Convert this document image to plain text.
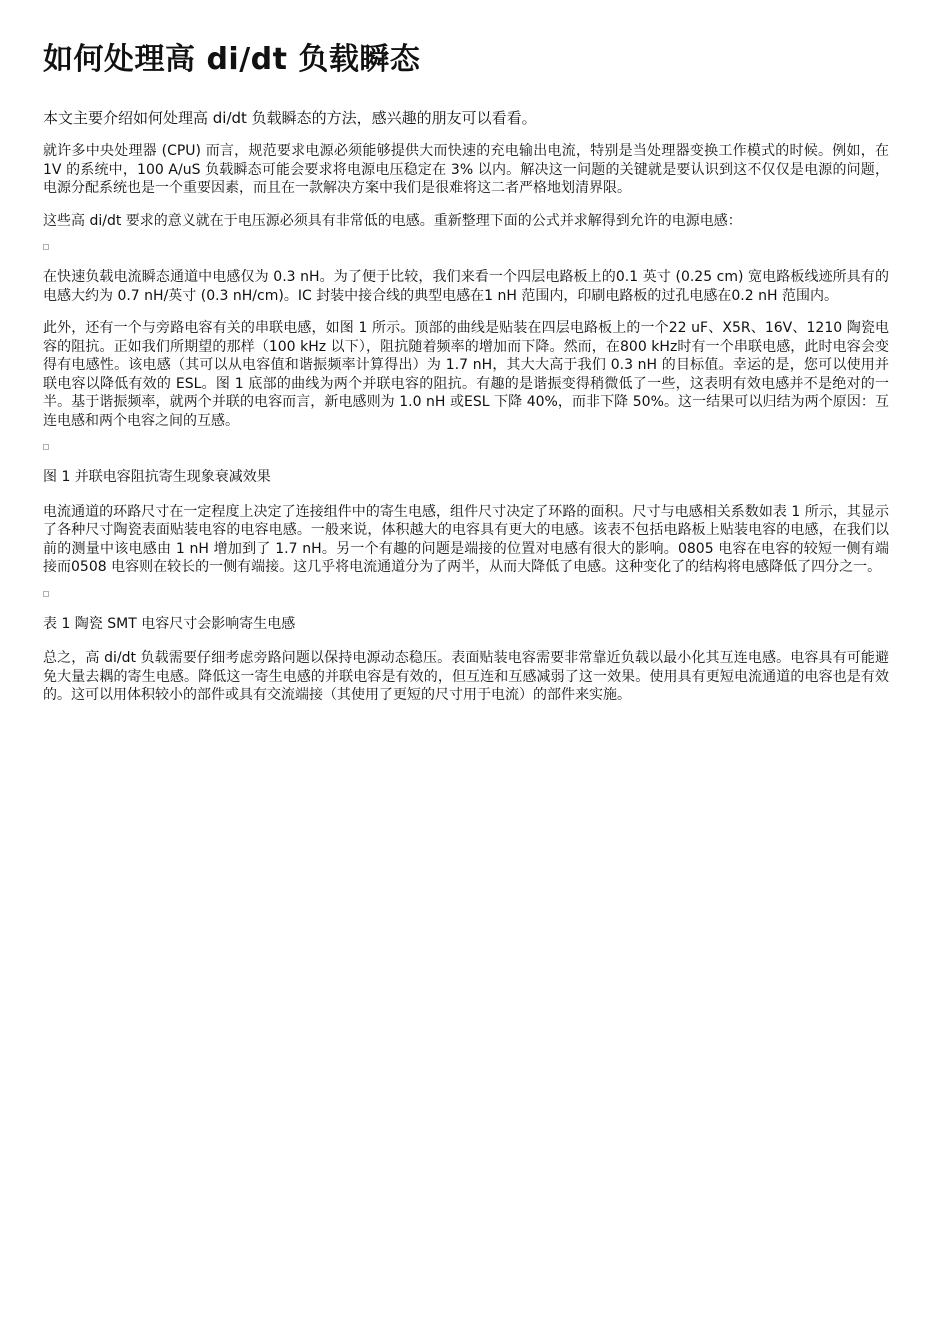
如何处理高 di/dt 负载瞬态
本文主要介绍如何处理高 di/dt 负载瞬态的方法，感兴趣的朋友可以看看。

就许多中央处理器 (CPU) 而言，规范要求电源必须能够提供大而快速的充电输出电流，特别是当处理器变换工作模式的时候。例如，在 1V 的系统中，100 A/uS 负载瞬态可能会要求将电源电压稳定在 3% 以内。解决这一问题的关键就是要认识到这不仅仅是电源的问题，电源分配系统也是一个重要因素，而且在一款解决方案中我们是很难将这二者严格地划清界限。

这些高 di/dt 要求的意义就在于电压源必须具有非常低的电感。重新整理下面的公式并求解得到允许的电源电感：

在快速负载电流瞬态通道中电感仅为 0.3 nH。为了便于比较，我们来看一个四层电路板上的0.1 英寸 (0.25 cm) 宽电路板线迹所具有的电感大约为 0.7 nH/英寸 (0.3 nH/cm)。IC 封装中接合线的典型电感在1 nH 范围内，印刷电路板的过孔电感在0.2 nH 范围内。

此外，还有一个与旁路电容有关的串联电感，如图 1 所示。顶部的曲线是贴装在四层电路板上的一个22 uF、X5R、16V、1210 陶瓷电容的阻抗。正如我们所期望的那样（100 kHz 以下），阻抗随着频率的增加而下降。然而，在800 kHz时有一个串联电感，此时电容会变得有电感性。该电感（其可以从电容值和谐振频率计算得出）为 1.7 nH，其大大高于我们 0.3 nH 的目标值。幸运的是，您可以使用并联电容以降低有效的 ESL。图 1 底部的曲线为两个并联电容的阻抗。有趣的是谐振变得稍微低了一些，这表明有效电感并不是绝对的一半。基于谐振频率，就两个并联的电容而言，新电感则为 1.0 nH 或ESL 下降 40%，而非下降 50%。这一结果可以归结为两个原因：互连电感和两个电容之间的互感。

图 1 并联电容阻抗寄生现象衰减效果

电流通道的环路尺寸在一定程度上决定了连接组件中的寄生电感，组件尺寸决定了环路的面积。尺寸与电感相关系数如表 1 所示，其显示了各种尺寸陶瓷表面贴装电容的电容电感。一般来说，体积越大的电容具有更大的电感。该表不包括电路板上贴装电容的电感，在我们以前的测量中该电感由 1 nH 增加到了 1.7 nH。另一个有趣的问题是端接的位置对电感有很大的影响。0805 电容在电容的较短一侧有端接而0508 电容则在较长的一侧有端接。这几乎将电流通道分为了两半，从而大降低了电感。这种变化了的结构将电感降低了四分之一。

表 1 陶瓷 SMT 电容尺寸会影响寄生电感

总之，高 di/dt 负载需要仔细考虑旁路问题以保持电源动态稳压。表面贴装电容需要非常靠近负载以最小化其互连电感。电容具有可能避免大量去耦的寄生电感。降低这一寄生电感的并联电容是有效的，但互连和互感减弱了这一效果。使用具有更短电流通道的电容也是有效的。这可以用体积较小的部件或具有交流端接（其使用了更短的尺寸用于电流）的部件来实施。
